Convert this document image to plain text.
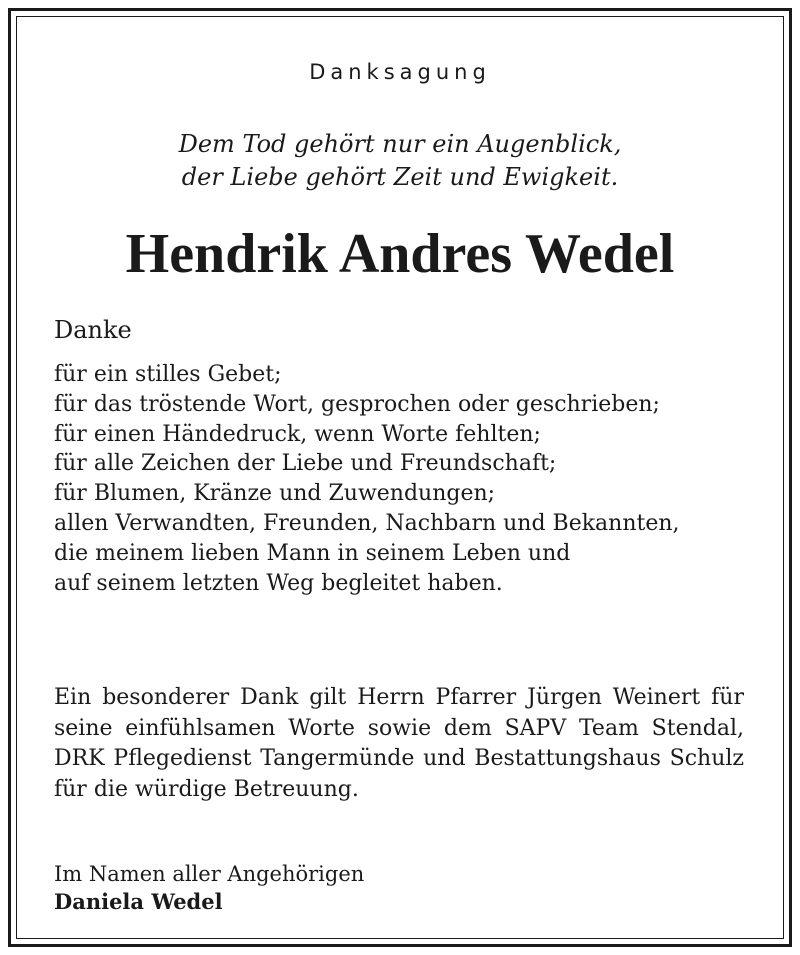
Danksagung
Dem Tod gehört nur ein Augenblick,
der Liebe gehört Zeit und Ewigkeit.
Hendrik Andres Wedel
Danke
für ein stilles Gebet;
für das tröstende Wort, gesprochen oder geschrieben;
für einen Händedruck, wenn Worte fehlten;
für alle Zeichen der Liebe und Freundschaft;
für Blumen, Kränze und Zuwendungen;
allen Verwandten, Freunden, Nachbarn und Bekannten,
die meinem lieben Mann in seinem Leben und
auf seinem letzten Weg begleitet haben.
Ein besonderer Dank gilt Herrn Pfarrer Jürgen Weinert für seine einfühlsamen Worte sowie dem SAPV Team Stendal, DRK Pflegedienst Tangermünde und Bestattungshaus Schulz für die würdige Betreuung.
Im Namen aller Angehörigen
Daniela Wedel
